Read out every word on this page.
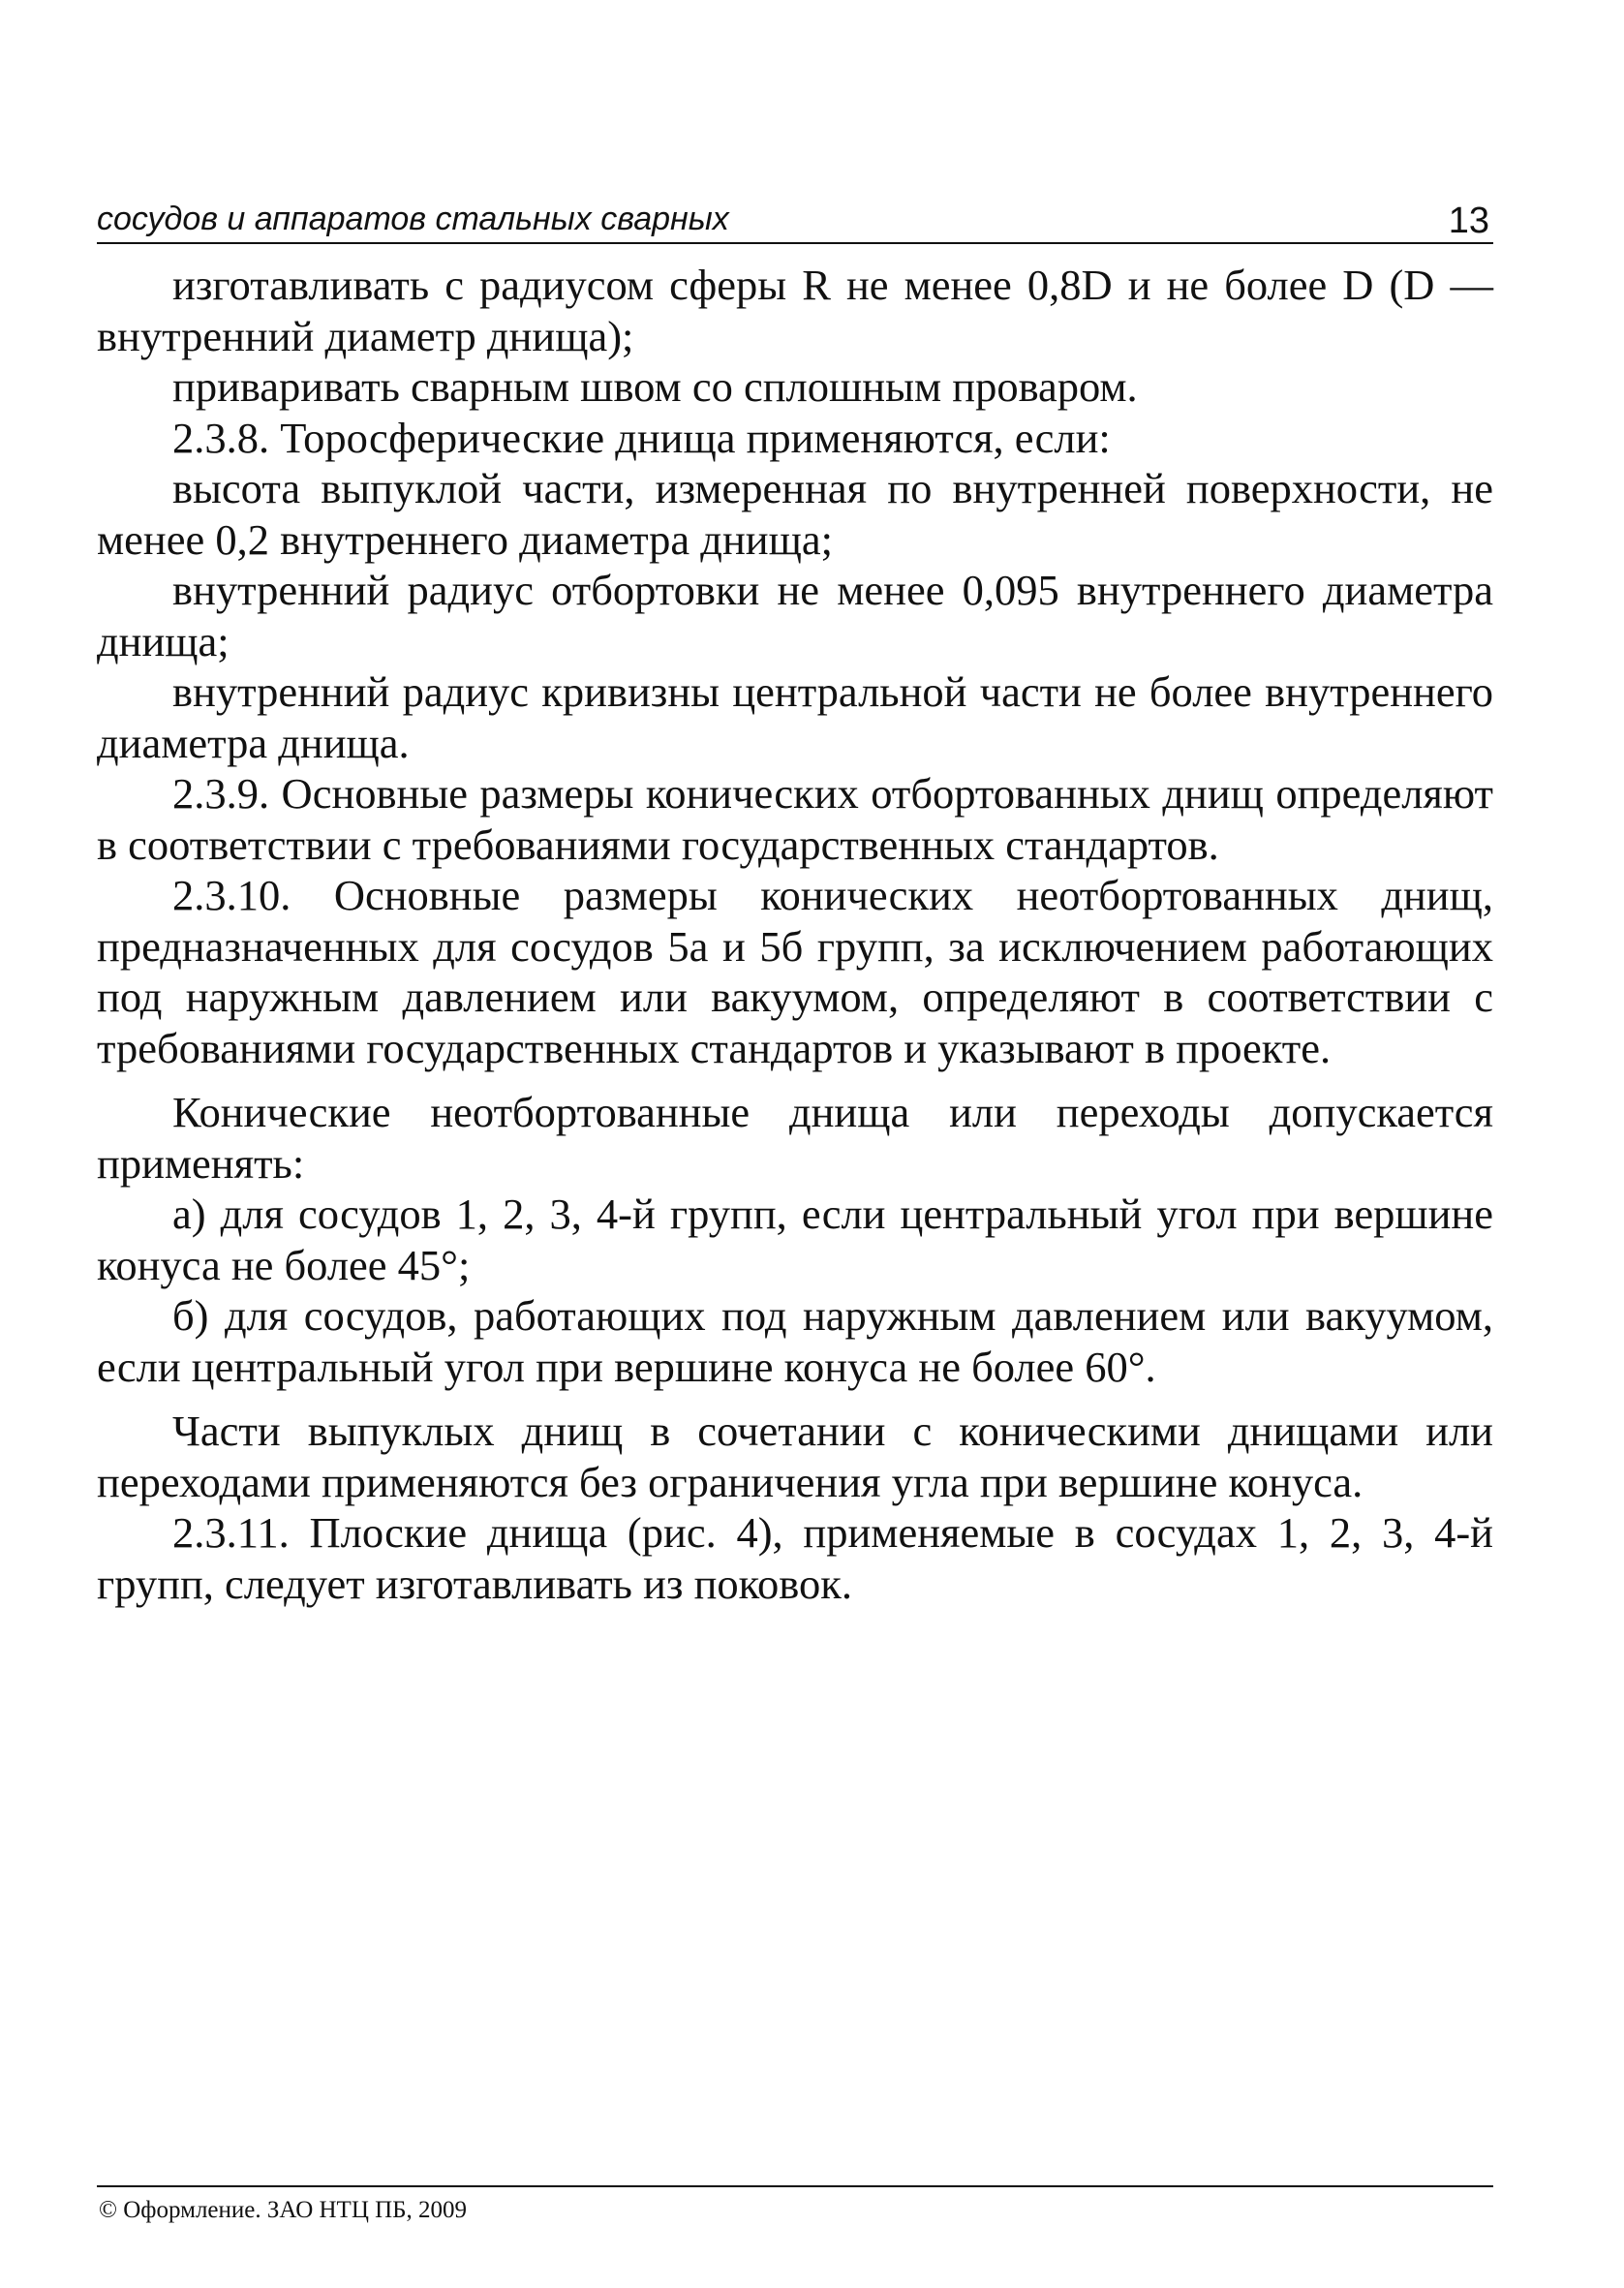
сосудов и аппаратов стальных сварных	13

изготавливать с радиусом сферы R не менее 0,8D и не более D (D — внутренний диаметр днища);

приваривать сварным швом со сплошным проваром.

2.3.8. Торосферические днища применяются, если:

высота выпуклой части, измеренная по внутренней поверхности, не менее 0,2 внутреннего диаметра днища;

внутренний радиус отбортовки не менее 0,095 внутреннего диаметра днища;

внутренний радиус кривизны центральной части не более внутреннего диаметра днища.

2.3.9. Основные размеры конических отбортованных днищ определяют в соответствии с требованиями государственных стандартов.

2.3.10. Основные размеры конических неотбортованных днищ, предназначенных для сосудов 5а и 5б групп, за исключением работающих под наружным давлением или вакуумом, определяют в соответствии с требованиями государственных стандартов и указывают в проекте.

Конические неотбортованные днища или переходы допускается применять:

а) для сосудов 1, 2, 3, 4-й групп, если центральный угол при вершине конуса не более 45°;

б) для сосудов, работающих под наружным давлением или вакуумом, если центральный угол при вершине конуса не более 60°.

Части выпуклых днищ в сочетании с коническими днищами или переходами применяются без ограничения угла при вершине конуса.

2.3.11. Плоские днища (рис. 4), применяемые в сосудах 1, 2, 3, 4-й групп, следует изготавливать из поковок.

© Оформление. ЗАО НТЦ ПБ, 2009
